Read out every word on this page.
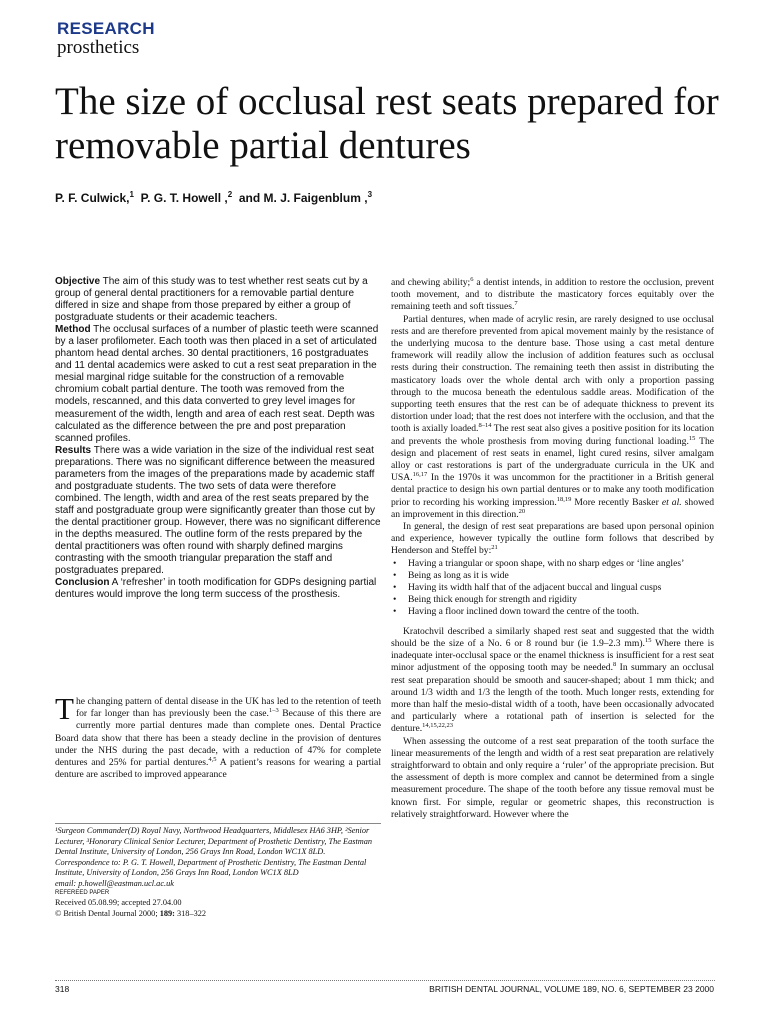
RESEARCH
prosthetics
The size of occlusal rest seats prepared for removable partial dentures
P. F. Culwick,$^1$ P. G. T. Howell ,$^2$ and M. J. Faigenblum ,$^3$

Objective The aim of this study was to test whether rest seats cut by a group of general dental practitioners for a removable partial denture differed in size and shape from those prepared by either a group of postgraduate students or their academic teachers.

Method The occlusal surfaces of a number of plastic teeth were scanned by a laser profilometer. Each tooth was then placed in a set of articulated phantom head dental arches. 30 dental practitioners, 16 postgraduates and 11 dental academics were asked to cut a rest seat preparation in the mesial marginal ridge suitable for the construction of a removable chromium cobalt partial denture. The tooth was removed from the models, rescanned, and this data converted to grey level images for measurement of the width, length and area of each rest seat. Depth was calculated as the difference between the pre and post preparation scanned profiles.

Results There was a wide variation in the size of the individual rest seat preparations. There was no significant difference between the measured parameters from the images of the preparations made by academic staff and postgraduate students. The two sets of data were therefore combined. The length, width and area of the rest seats prepared by the staff and postgraduate group were significantly greater than those cut by the dental practitioner group. However, there was no significant difference in the depths measured. The outline form of the rests prepared by the dental practitioners was often round with sharply defined margins contrasting with the smooth triangular preparation the staff and postgraduates prepared.

Conclusion A ‘refresher’ in tooth modification for GDPs designing partial dentures would improve the long term success of the prosthesis.

The changing pattern of dental disease in the UK has led to the retention of teeth for far longer than has previously been the case.$^{1-3}$ Because of this there are currently more partial dentures made than complete ones. Dental Practice Board data show that there has been a steady decline in the provision of dentures under the NHS during the past decade, with a reduction of 47% for complete dentures and 25% for partial dentures.$^{4,5}$ A patient’s reasons for wearing a partial denture are ascribed to improved appearance

¹Surgeon Commander(D) Royal Navy, Northwood Headquarters, Middlesex HA6 3HP, ²Senior Lecturer, ³Honorary Clinical Senior Lecturer, Department of Prosthetic Dentistry, The Eastman Dental Institute, University of London, 256 Grays Inn Road, London WC1X 8LD.

Correspondence to: P. G. T. Howell, Department of Prosthetic Dentistry, The Eastman Dental Institute, University of London, 256 Grays Inn Road, London WC1X 8LD

email: p.howell@eastman.ucl.ac.uk

REFEREED PAPER

Received 05.08.99; accepted 27.04.00

© British Dental Journal 2000; 189: 318–322

and chewing ability;$^6$ a dentist intends, in addition to restore the occlusion, prevent tooth movement, and to distribute the masticatory forces equitably over the remaining teeth and soft tissues.$^7$

Partial dentures, when made of acrylic resin, are rarely designed to use occlusal rests and are therefore prevented from apical movement mainly by the resistance of the underlying mucosa to the denture base. Those using a cast metal denture framework will readily allow the inclusion of addition features such as occlusal rests during their construction. The remaining teeth then assist in distributing the masticatory loads over the whole dental arch with only a proportion passing through to the mucosa beneath the edentulous saddle areas. Modification of the supporting teeth ensures that the rest can be of adequate thickness to prevent its distortion under load; that the rest does not interfere with the occlusion, and that the tooth is axially loaded.$^{8-14}$ The rest seat also gives a positive position for its location and prevents the whole prosthesis from moving during functional loading.$^{15}$ The design and placement of rest seats in enamel, light cured resins, silver amalgam alloy or cast restorations is part of the undergraduate curricula in the UK and USA.$^{16,17}$ In the 1970s it was uncommon for the practitioner in a British general dental practice to design his own partial dentures or to make any tooth modification prior to recording his working impression.$^{18,19}$ More recently Basker et al. showed an improvement in this direction.$^{20}$

In general, the design of rest seat preparations are based upon personal opinion and experience, however typically the outline form follows that described by Henderson and Steffel by:$^{21}$

• Having a triangular or spoon shape, with no sharp edges or ‘line angles’
• Being as long as it is wide
• Having its width half that of the adjacent buccal and lingual cusps
• Being thick enough for strength and rigidity
• Having a floor inclined down toward the centre of the tooth.

Kratochvil described a similarly shaped rest seat and suggested that the width should be the size of a No. 6 or 8 round bur (ie 1.9–2.3 mm).$^{15}$ Where there is inadequate inter-occlusal space or the enamel thickness is insufficient for a rest seat minor adjustment of the opposing tooth may be needed.$^8$ In summary an occlusal rest seat preparation should be smooth and saucer-shaped; about 1 mm thick; and around 1/3 width and 1/3 the length of the tooth. Much longer rests, extending for more than half the mesio-distal width of a tooth, have been occasionally advocated and particularly where a rotational path of insertion is selected for the denture.$^{14,15,22,23}$

When assessing the outcome of a rest seat preparation of the tooth surface the linear measurements of the length and width of a rest seat preparation are relatively straightforward to obtain and only require a ‘ruler’ of the appropriate precision. But the assessment of depth is more complex and cannot be determined from a single measurement procedure. The shape of the tooth before any tissue removal must be known first. For simple, regular or geometric shapes, this reconstruction is relatively straightforward. However where the

318	BRITISH DENTAL JOURNAL, VOLUME 189, NO. 6, SEPTEMBER 23 2000
